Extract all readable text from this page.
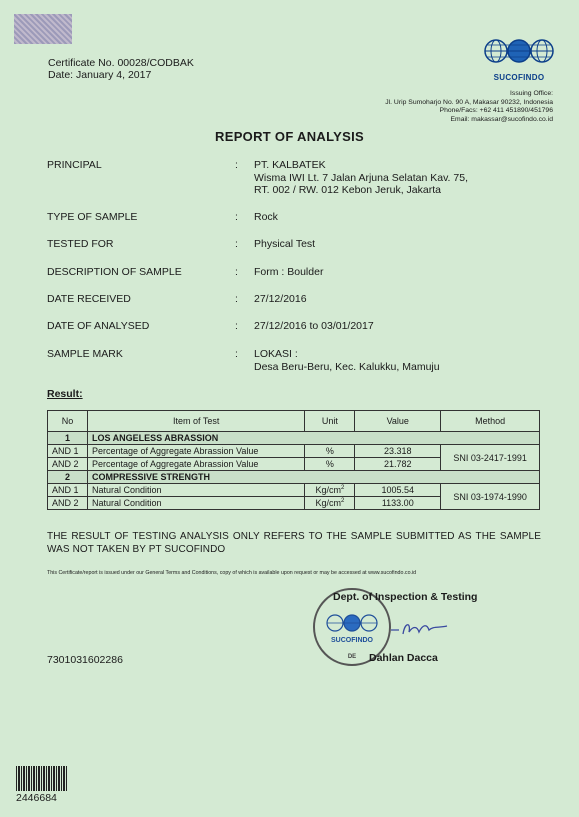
Certificate No. 00028/CODBAK
Date: January 4, 2017	SUCOFINDO
Issuing Office:
Jl. Urip Sumoharjo No. 90 A, Makasar 90232, Indonesia
Phone/Facs: +62 411 451890/451796
Email: makassar@sucofindo.co.id
REPORT OF ANALYSIS
PRINCIPAL	: PT. KALBATEK
Wisma IWI Lt. 7 Jalan Arjuna Selatan Kav. 75,
RT. 002 / RW. 012 Kebon Jeruk, Jakarta
TYPE OF SAMPLE	: Rock
TESTED FOR	: Physical Test
DESCRIPTION OF SAMPLE	: Form : Boulder
DATE RECEIVED	: 27/12/2016
DATE OF ANALYSED	: 27/12/2016 to 03/01/2017
SAMPLE MARK	: LOKASI :
Desa Beru-Beru, Kec. Kalukku, Mamuju
Result:
No	Item of Test	Unit	Value	Method
1	LOS ANGELESS ABRASSION			
AND 1	Percentage of Aggregate Abrassion Value	%	23.318	SNI 03-2417-1991
AND 2	Percentage of Aggregate Abrassion Value	%	21.782	
2	COMPRESSIVE STRENGTH			
AND 1	Natural Condition	$Kg/cm^2$	1005.54	SNI 03-1974-1990
AND 2	Natural Condition	$Kg/cm^2$	1133.00	
THE RESULT OF TESTING ANALYSIS ONLY REFERS TO THE SAMPLE SUBMITTED AS THE SAMPLE WAS NOT TAKEN BY PT SUCOFINDO
This Certificate/report is issued under our General Terms and Conditions, copy of which is available upon request or may be accessed at www.sucofindo.co.id
SUCOFINDO
DE
Dept. of Inspection & Testing
Dahlan Dacca
7301031602286
2446684
